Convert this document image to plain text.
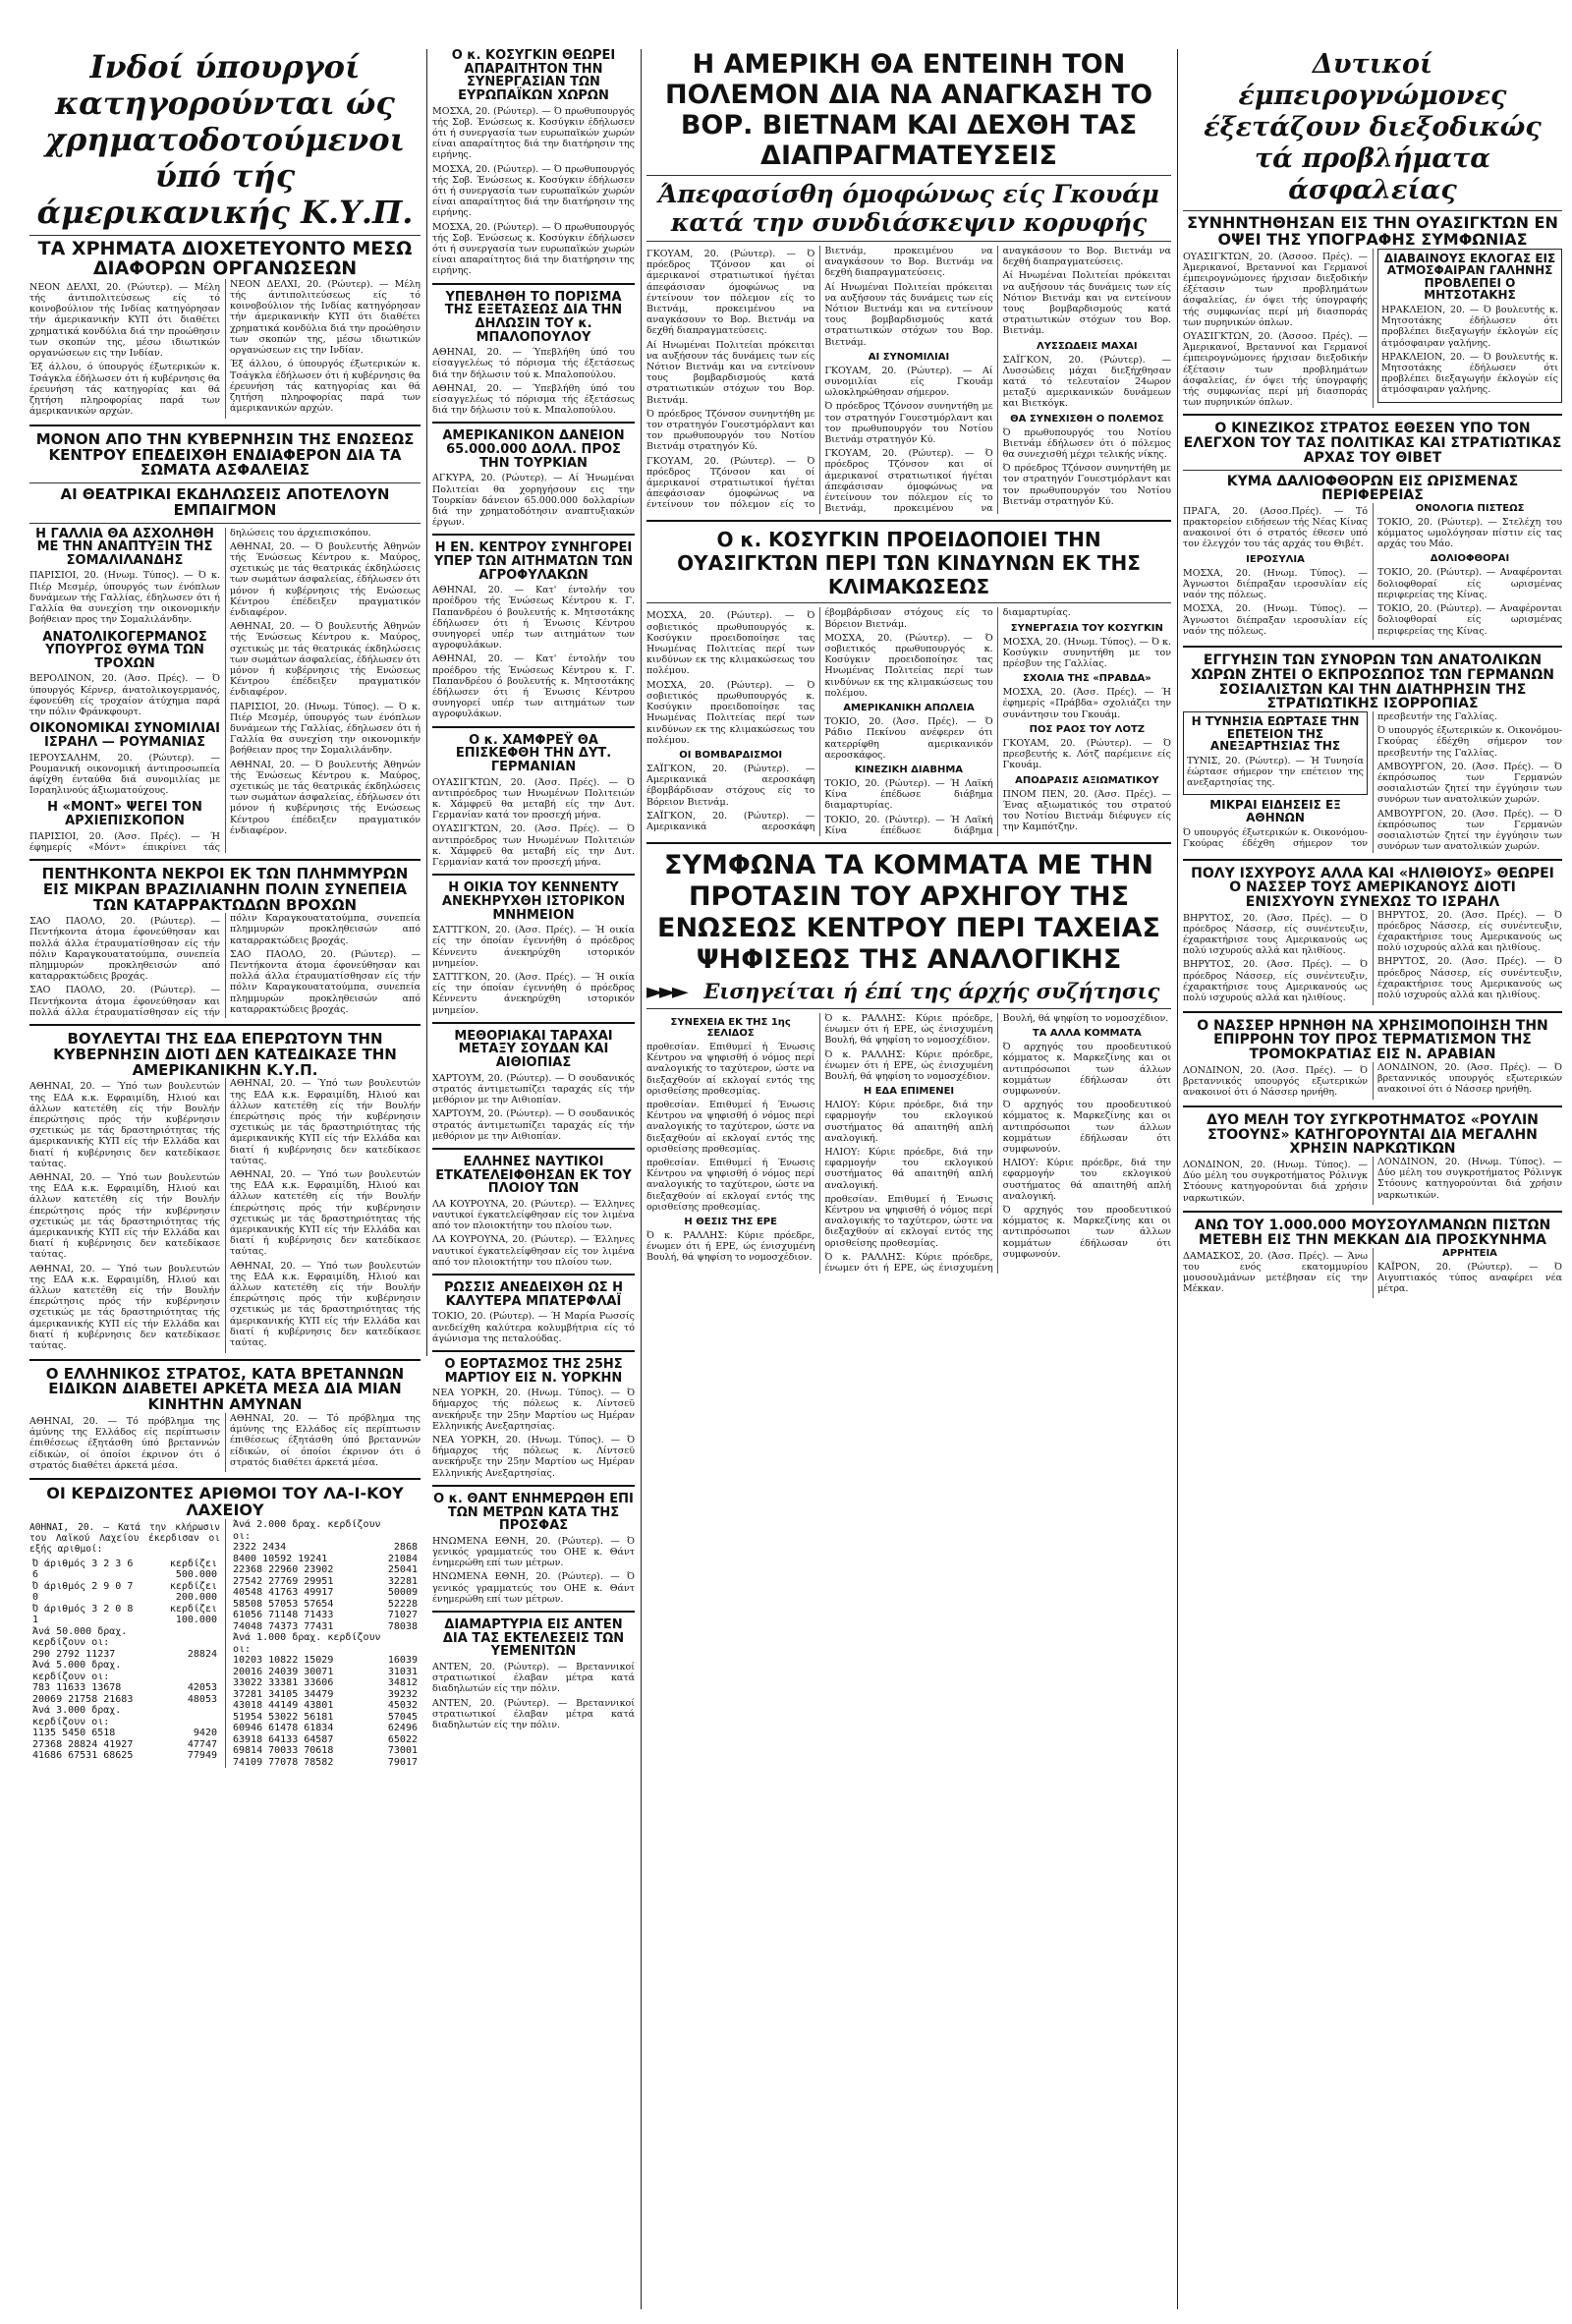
Ινδοί ύπουργοί κατηγορούνται ώς χρηματοδοτούμενοι ύπό τής άμερικανικής Κ.Υ.Π.
ΤΑ ΧΡΗΜΑΤΑ ΔΙΟΧΕΤΕΥΟΝΤΟ ΜΕΣΩ ΔΙΑΦΟΡΩΝ ΟΡΓΑΝΩΣΕΩΝ

ΝΕΟΝ ΔΕΛΧΙ, 20. (Ρώυτερ). — Μέλη τής άντιπολιτεύσεως είς τό κοινοβούλιον τής Ινδίας κατηγόρησαν τήν άμερικανικήν ΚΥΠ ότι διαθέτει χρηματικά κονδύλια διά την προώθησιν των σκοπών της, μέσω ιδιωτικών οργανώσεων εις την Ινδίαν.

Έξ άλλου, ό ύπουργός έξωτερικών κ. Τσάγκλα έδήλωσεν ότι ή κυβέρνησις θα έρευνήση τάς κατηγορίας και θά ζητήση πληροφορίας παρά των άμερικανικών αρχών.

ΝΕΟΝ ΔΕΛΧΙ, 20. (Ρώυτερ). — Μέλη τής άντιπολιτεύσεως είς τό κοινοβούλιον τής Ινδίας κατηγόρησαν τήν άμερικανικήν ΚΥΠ ότι διαθέτει χρηματικά κονδύλια διά την προώθησιν των σκοπών της, μέσω ιδιωτικών οργανώσεων εις την Ινδίαν.

Έξ άλλου, ό ύπουργός έξωτερικών κ. Τσάγκλα έδήλωσεν ότι ή κυβέρνησις θα έρευνήση τάς κατηγορίας και θά ζητήση πληροφορίας παρά των άμερικανικών αρχών.

ΜΟΝΟΝ ΑΠΟ ΤΗΝ ΚΥΒΕΡΝΗΣΙΝ ΤΗΣ ΕΝΩΣΕΩΣ ΚΕΝΤΡΟΥ ΕΠΕΔΕΙΧΘΗ ΕΝΔΙΑΦΕΡΟΝ ΔΙΑ ΤΑ ΣΩΜΑΤΑ ΑΣΦΑΛΕΙΑΣ
ΑΙ ΘΕΑΤΡΙΚΑΙ ΕΚΔΗΛΩΣΕΙΣ ΑΠΟΤΕΛΟΥΝ ΕΜΠΑΙΓΜΟΝ
Η ΓΑΛΛΙΑ ΘΑ ΑΣΧΟΛΗΘΗ ΜΕ ΤΗΝ ΑΝΑΠΤΥΞΙΝ ΤΗΣ ΣΟΜΑΛΙΛΑΝΔΗΣ

ΠΑΡΙΣΙΟΙ, 20. (Ηνωμ. Τύπος). — Ό κ. Πιέρ Μεσμέρ, ύπουργός των ένόπλων δυνάμεων τής Γαλλίας, έδηλωσεν ότι ή Γαλλία θα συνεχίση την οικονομικήν βοήθειαν προς την Σομαλιλάνδην.

ΑΝΑΤΟΛΙΚΟΓΕΡΜΑΝΟΣ ΥΠΟΥΡΓΟΣ ΘΥΜΑ ΤΩΝ ΤΡΟΧΩΝ

ΒΕΡΟΛΙΝΟΝ, 20. (Άσσ. Πρές). — Ό ύπουργός Κέρνερ, άνατολικογερμανός, έφονεύθη είς τροχαίον άτύχημα παρά την πόλιν Φράνκφουρτ.

ΟΙΚΟΝΟΜΙΚΑΙ ΣΥΝΟΜΙΛΙΑΙ ΙΣΡΑΗΛ — ΡΟΥΜΑΝΙΑΣ

ΙΕΡΟΥΣΑΛΗΜ, 20. (Ρώυτερ). — Ρουμανική οικονομική άντιπροσωπεία άφίχθη ένταύθα διά συνομιλίας με Ισραηλινούς άξιωματούχους.

Η «ΜΟΝΤ» ΨΕΓΕΙ ΤΟΝ ΑΡΧΙΕΠΙΣΚΟΠΟΝ

ΠΑΡΙΣΙΟΙ, 20. (Άσσ. Πρές). — Ή έφημερίς «Μόντ» έπικρίνει τάς δηλώσεις του άρχιεπισκόπου.

ΑΘΗΝΑΙ, 20. — Ό βουλευτής Άθηνών τής Ένώσεως Κέντρου κ. Μαύρος, σχετικώς με τάς θεατρικάς έκδηλώσεις των σωμάτων άσφαλείας, έδήλωσεν ότι μόνον ή κυβέρνησις τής Ενώσεως Κέντρου έπέδειξεν πραγματικόν ένδιαφέρον.

ΑΘΗΝΑΙ, 20. — Ό βουλευτής Άθηνών τής Ένώσεως Κέντρου κ. Μαύρος, σχετικώς με τάς θεατρικάς έκδηλώσεις των σωμάτων άσφαλείας, έδήλωσεν ότι μόνον ή κυβέρνησις τής Ενώσεως Κέντρου έπέδειξεν πραγματικόν ένδιαφέρον.

ΠΑΡΙΣΙΟΙ, 20. (Ηνωμ. Τύπος). — Ό κ. Πιέρ Μεσμέρ, ύπουργός των ένόπλων δυνάμεων τής Γαλλίας, έδηλωσεν ότι ή Γαλλία θα συνεχίση την οικονομικήν βοήθειαν προς την Σομαλιλάνδην.

ΑΘΗΝΑΙ, 20. — Ό βουλευτής Άθηνών τής Ένώσεως Κέντρου κ. Μαύρος, σχετικώς με τάς θεατρικάς έκδηλώσεις των σωμάτων άσφαλείας, έδήλωσεν ότι μόνον ή κυβέρνησις τής Ενώσεως Κέντρου έπέδειξεν πραγματικόν ένδιαφέρον.

ΠΕΝΤΗΚΟΝΤΑ ΝΕΚΡΟΙ ΕΚ ΤΩΝ ΠΛΗΜΜΥΡΩΝ ΕΙΣ ΜΙΚΡΑΝ ΒΡΑΖΙΛΙΑΝΗΝ ΠΟΛΙΝ ΣΥΝΕΠΕΙΑ ΤΩΝ ΚΑΤΑΡΡΑΚΤΩΔΩΝ ΒΡΟΧΩΝ

ΣΑΟ ΠΑΟΛΟ, 20. (Ρώυτερ). — Πεντήκοντα άτομα έφονεύθησαν και πολλά άλλα έτραυματίσθησαν είς τήν πόλιν Καραγκουατατούμπα, συνεπεία πλημμυρών προκληθεισών από καταρρακτώδεις βροχάς.

ΣΑΟ ΠΑΟΛΟ, 20. (Ρώυτερ). — Πεντήκοντα άτομα έφονεύθησαν και πολλά άλλα έτραυματίσθησαν είς τήν πόλιν Καραγκουατατούμπα, συνεπεία πλημμυρών προκληθεισών από καταρρακτώδεις βροχάς.

ΣΑΟ ΠΑΟΛΟ, 20. (Ρώυτερ). — Πεντήκοντα άτομα έφονεύθησαν και πολλά άλλα έτραυματίσθησαν είς τήν πόλιν Καραγκουατατούμπα, συνεπεία πλημμυρών προκληθεισών από καταρρακτώδεις βροχάς.

ΒΟΥΛΕΥΤΑΙ ΤΗΣ ΕΔΑ ΕΠΕΡΩΤΟΥΝ ΤΗΝ ΚΥΒΕΡΝΗΣΙΝ ΔΙΟΤΙ ΔΕΝ ΚΑΤΕΔΙΚΑΣΕ ΤΗΝ ΑΜΕΡΙΚΑΝΙΚΗΝ Κ.Υ.Π.

ΑΘΗΝΑΙ, 20. — Ύπό των βουλευτών της ΕΔΑ κ.κ. Εφραιμίδη, Ηλιού και άλλων κατετέθη είς τήν Βουλήν έπερώτησις πρός τήν κυβέρνησιν σχετικώς με τάς δραστηριότητας τής άμερικανικής ΚΥΠ είς τήν Ελλάδα και διατί ή κυβέρνησις δεν κατεδίκασε ταύτας.

ΑΘΗΝΑΙ, 20. — Ύπό των βουλευτών της ΕΔΑ κ.κ. Εφραιμίδη, Ηλιού και άλλων κατετέθη είς τήν Βουλήν έπερώτησις πρός τήν κυβέρνησιν σχετικώς με τάς δραστηριότητας τής άμερικανικής ΚΥΠ είς τήν Ελλάδα και διατί ή κυβέρνησις δεν κατεδίκασε ταύτας.

ΑΘΗΝΑΙ, 20. — Ύπό των βουλευτών της ΕΔΑ κ.κ. Εφραιμίδη, Ηλιού και άλλων κατετέθη είς τήν Βουλήν έπερώτησις πρός τήν κυβέρνησιν σχετικώς με τάς δραστηριότητας τής άμερικανικής ΚΥΠ είς τήν Ελλάδα και διατί ή κυβέρνησις δεν κατεδίκασε ταύτας.

ΑΘΗΝΑΙ, 20. — Ύπό των βουλευτών της ΕΔΑ κ.κ. Εφραιμίδη, Ηλιού και άλλων κατετέθη είς τήν Βουλήν έπερώτησις πρός τήν κυβέρνησιν σχετικώς με τάς δραστηριότητας τής άμερικανικής ΚΥΠ είς τήν Ελλάδα και διατί ή κυβέρνησις δεν κατεδίκασε ταύτας.

ΑΘΗΝΑΙ, 20. — Ύπό των βουλευτών της ΕΔΑ κ.κ. Εφραιμίδη, Ηλιού και άλλων κατετέθη είς τήν Βουλήν έπερώτησις πρός τήν κυβέρνησιν σχετικώς με τάς δραστηριότητας τής άμερικανικής ΚΥΠ είς τήν Ελλάδα και διατί ή κυβέρνησις δεν κατεδίκασε ταύτας.

ΑΘΗΝΑΙ, 20. — Ύπό των βουλευτών της ΕΔΑ κ.κ. Εφραιμίδη, Ηλιού και άλλων κατετέθη είς τήν Βουλήν έπερώτησις πρός τήν κυβέρνησιν σχετικώς με τάς δραστηριότητας τής άμερικανικής ΚΥΠ είς τήν Ελλάδα και διατί ή κυβέρνησις δεν κατεδίκασε ταύτας.

Ο ΕΛΛΗΝΙΚΟΣ ΣΤΡΑΤΟΣ, ΚΑΤΑ ΒΡΕΤΑΝΝΩΝ ΕΙΔΙΚΩΝ ΔΙΑΒΕΤΕΙ ΑΡΚΕΤΑ ΜΕΣΑ ΔΙΑ ΜΙΑΝ ΚΙΝΗΤΗΝ ΑΜΥΝΑΝ

ΑΘΗΝΑΙ, 20. — Τό πρόβλημα της άμύνης της Ελλάδος είς περίπτωσιν έπιθέσεως έξητάσθη ύπό βρεταννών είδικών, οί όποίοι έκρινον ότι ό στρατός διαθέτει άρκετά μέσα.

ΑΘΗΝΑΙ, 20. — Τό πρόβλημα της άμύνης της Ελλάδος είς περίπτωσιν έπιθέσεως έξητάσθη ύπό βρεταννών είδικών, οί όποίοι έκρινον ότι ό στρατός διαθέτει άρκετά μέσα.

ΟΙ ΚΕΡΔΙΖΟΝΤΕΣ ΑΡΙΘΜΟΙ ΤΟΥ ΛΑ-Ι-ΚΟΥ ΛΑΧΕΙΟΥ

ΑΘΗΝΑΙ, 20. — Κατά την κλήρωσιν του Λαϊκού Λαχείου έκερδισαν οι εξής αριθμοί:

Ό άριθμός 3 2 3 6 6	κερδίζει 500.000
Ό άριθμός 2 9 0 7 0	κερδίζει 200.000
Ό άριθμός 3 2 0 8 1	κερδίζει 100.000
Άνά 50.000 δραχ. κερδίζουν οι:	
290 2792 11237	28824
Άνά 5.000 δραχ. κερδίζουν οι:	
783 11633 13678	42053
20069 21758 21683	48053
Άνά 3.000 δραχ. κερδίζουν οι:	
1135 5450 6518	9420
27368 28824 41927	47747
41686 67531 68625	77949
Άνά 2.000 δραχ. κερδίζουν οι:	
2322 2434	2868
8400 10592 19241	21084
22368 22960 23902	25041
27542 27769 29951	32281
40548 41763 49917	50009
58508 57053 57654	52228
61056 71148 71433	71027
74048 74373 77431	78038
Άνά 1.000 δραχ. κερδίζουν οι:	
10203 10822 15029	16039
20016 24039 30071	31031
33022 33381 33606	34812
37281 34105 34479	39232
43018 44149 43801	45032
51954 53022 56181	57045
60946 61478 61834	62496
63918 64133 64587	65022
69814 70033 70618	73001
74109 77078 78582	79017
Ο κ. ΚΟΣΥΓΚΙΝ ΘΕΩΡΕΙ ΑΠΑΡΑΙΤΗΤΟΝ ΤΗΝ ΣΥΝΕΡΓΑΣΙΑΝ ΤΩΝ ΕΥΡΩΠΑΪΚΩΝ ΧΩΡΩΝ

ΜΟΣΧΑ, 20. (Ρώυτερ). — Ό πρωθυπουργός τής Σοβ. Ένώσεως κ. Κοσύγκιν έδήλωσεν ότι ή συνεργασία των ευρωπαϊκών χωρών είναι απαραίτητος διά την διατήρησιν της ειρήνης.

ΜΟΣΧΑ, 20. (Ρώυτερ). — Ό πρωθυπουργός τής Σοβ. Ένώσεως κ. Κοσύγκιν έδήλωσεν ότι ή συνεργασία των ευρωπαϊκών χωρών είναι απαραίτητος διά την διατήρησιν της ειρήνης.

ΜΟΣΧΑ, 20. (Ρώυτερ). — Ό πρωθυπουργός τής Σοβ. Ένώσεως κ. Κοσύγκιν έδήλωσεν ότι ή συνεργασία των ευρωπαϊκών χωρών είναι απαραίτητος διά την διατήρησιν της ειρήνης.

ΥΠΕΒΛΗΘΗ ΤΟ ΠΟΡΙΣΜΑ ΤΗΣ ΕΞΕΤΑΣΕΩΣ ΔΙΑ ΤΗΝ ΔΗΛΩΣΙΝ ΤΟΥ κ. ΜΠΑΛΟΠΟΥΛΟΥ

ΑΘΗΝΑΙ, 20. — Ύπεβλήθη ύπό του είσαγγελέως τό πόρισμα τής έξετάσεως διά την δήλωσιν τού κ. Μπαλοπούλου.

ΑΘΗΝΑΙ, 20. — Ύπεβλήθη ύπό του είσαγγελέως τό πόρισμα τής έξετάσεως διά την δήλωσιν τού κ. Μπαλοπούλου.

ΑΜΕΡΙΚΑΝΙΚΟΝ ΔΑΝΕΙΟΝ 65.000.000 ΔΟΛΛ. ΠΡΟΣ ΤΗΝ ΤΟΥΡΚΙΑΝ

ΑΓΚΥΡΑ, 20. (Ρώυτερ). — Αί Ήνωμέναι Πολιτείαι θα χορηγήσουν εις την Τουρκίαν δάνειον 65.000.000 δολλαρίων διά την χρηματοδότησιν αναπτυξιακών έργων.

Η ΕΝ. ΚΕΝΤΡΟΥ ΣΥΝΗΓΟΡΕΙ ΥΠΕΡ ΤΩΝ ΑΙΤΗΜΑΤΩΝ ΤΩΝ ΑΓΡΟΦΥΛΑΚΩΝ

ΑΘΗΝΑΙ, 20. — Κατ' έντολήν του προέδρου τής Ένώσεως Κέντρου κ. Γ. Παπανδρέου ό βουλευτής κ. Μητσοτάκης έδήλωσεν ότι ή Ένωσις Κέντρου συνηγορεί υπέρ των αιτημάτων των αγροφυλάκων.

ΑΘΗΝΑΙ, 20. — Κατ' έντολήν του προέδρου τής Ένώσεως Κέντρου κ. Γ. Παπανδρέου ό βουλευτής κ. Μητσοτάκης έδήλωσεν ότι ή Ένωσις Κέντρου συνηγορεί υπέρ των αιτημάτων των αγροφυλάκων.

Ο κ. ΧΑΜΦΡΕΫ ΘΑ ΕΠΙΣΚΕΦΘΗ ΤΗΝ ΔΥΤ. ΓΕΡΜΑΝΙΑΝ

ΟΥΑΣΙΓΚΤΩΝ, 20. (Άσσ. Πρές). — Ό αντιπρόεδρος των Ηνωμένων Πολιτειών κ. Χάμφρεϋ θα μεταβή είς την Δυτ. Γερμανίαν κατά τον προσεχή μήνα.

ΟΥΑΣΙΓΚΤΩΝ, 20. (Άσσ. Πρές). — Ό αντιπρόεδρος των Ηνωμένων Πολιτειών κ. Χάμφρεϋ θα μεταβή είς την Δυτ. Γερμανίαν κατά τον προσεχή μήνα.

Η ΟΙΚΙΑ ΤΟΥ ΚΕΝΝΕΝΤΥ ΑΝΕΚΗΡΥΧΘΗ ΙΣΤΟΡΙΚΟΝ ΜΝΗΜΕΙΟΝ

ΣΑΤΤΓΚΟΝ, 20. (Άσσ. Πρές). — Ή οικία είς την όποίαν έγεννήθη ό πρόεδρος Κέννεντυ άνεκηρύχθη ιστορικόν μνημείον.

ΣΑΤΤΓΚΟΝ, 20. (Άσσ. Πρές). — Ή οικία είς την όποίαν έγεννήθη ό πρόεδρος Κέννεντυ άνεκηρύχθη ιστορικόν μνημείον.

ΜΕΘΟΡΙΑΚΑΙ ΤΑΡΑΧΑΙ ΜΕΤΑΞΥ ΣΟΥΔΑΝ ΚΑΙ ΑΙΘΙΟΠΙΑΣ

ΧΑΡΤΟΥΜ, 20. (Ρώυτερ). — Ό σουδανικός στρατός άντιμετωπίζει ταραχάς είς τήν μεθόριον με την Αιθιοπίαν.

ΧΑΡΤΟΥΜ, 20. (Ρώυτερ). — Ό σουδανικός στρατός άντιμετωπίζει ταραχάς είς τήν μεθόριον με την Αιθιοπίαν.

ΕΛΛΗΝΕΣ ΝΑΥΤΙΚΟΙ ΕΤΚΑΤΕΛΕΙΦΘΗΣΑΝ ΕΚ ΤΟΥ ΠΛΟΙΟΥ ΤΩΝ

ΛΑ ΚΟΥΡΟΥΝΑ, 20. (Ρώυτερ). — Έλληνες ναυτικοί έγκατελείφθησαν είς τον λιμένα από τον πλοιοκτήτην του πλοίου των.

ΛΑ ΚΟΥΡΟΥΝΑ, 20. (Ρώυτερ). — Έλληνες ναυτικοί έγκατελείφθησαν είς τον λιμένα από τον πλοιοκτήτην του πλοίου των.

ΡΩΣΣΙΣ ΑΝΕΔΕΙΧΘΗ ΩΣ Η ΚΑΛΥΤΕΡΑ ΜΠΑΤΕΡΦΛΑΪ

ΤΟΚΙΟ, 20. (Ρώυτερ). — Ή Μαρία Ρωσσίς ανεδείχθη καλύτερα κολυμβήτρια είς τό άγώνισμα της πεταλούδας.

Ο ΕΟΡΤΑΣΜΟΣ ΤΗΣ 25ΗΣ ΜΑΡΤΙΟΥ ΕΙΣ Ν. ΥΟΡΚΗΝ

ΝΕΑ ΥΟΡΚΗ, 20. (Ηνωμ. Τύπος). — Ό δήμαρχος τής πόλεως κ. Λίντσεϋ ανεκήρυξε την 25ην Μαρτίου ως Ημέραν Ελληνικής Ανεξαρτησίας.

ΝΕΑ ΥΟΡΚΗ, 20. (Ηνωμ. Τύπος). — Ό δήμαρχος τής πόλεως κ. Λίντσεϋ ανεκήρυξε την 25ην Μαρτίου ως Ημέραν Ελληνικής Ανεξαρτησίας.

Ο κ. ΘΑΝΤ ΕΝΗΜΕΡΩΘΗ ΕΠΙ ΤΩΝ ΜΕΤΡΩΝ ΚΑΤΑ ΤΗΣ ΠΡΟΣΦΑΣ

ΗΝΩΜΕΝΑ ΕΘΝΗ, 20. (Ρώυτερ). — Ό γενικός γραμματεύς του ΟΗΕ κ. Θάντ ένημερώθη επί των μέτρων.

ΗΝΩΜΕΝΑ ΕΘΝΗ, 20. (Ρώυτερ). — Ό γενικός γραμματεύς του ΟΗΕ κ. Θάντ ένημερώθη επί των μέτρων.

ΔΙΑΜΑΡΤΥΡΙΑ ΕΙΣ ΑΝΤΕΝ ΔΙΑ ΤΑΣ ΕΚΤΕΛΕΣΕΙΣ ΤΩΝ ΥΕΜΕΝΙΤΩΝ

ΑΝΤΕΝ, 20. (Ρώυτερ). — Βρεταννικοί στρατιωτικοί έλαβαν μέτρα κατά διαδηλωτών είς την πόλιν.

ΑΝΤΕΝ, 20. (Ρώυτερ). — Βρεταννικοί στρατιωτικοί έλαβαν μέτρα κατά διαδηλωτών είς την πόλιν.

Η ΑΜΕΡΙΚΗ ΘΑ ΕΝΤΕΙΝΗ ΤΟΝ ΠΟΛΕΜΟΝ ΔΙΑ ΝΑ ΑΝΑΓΚΑΣΗ ΤΟ ΒΟΡ. ΒΙΕΤΝΑΜ ΚΑΙ ΔΕΧΘΗ ΤΑΣ ΔΙΑΠΡΑΓΜΑΤΕΥΣΕΙΣ
Άπεφασίσθη όμοφώνως είς Γκουάμ κατά την συνδιάσκεψιν κορυφής

ΓΚΟΥΑΜ, 20. (Ρώυτερ). — Ό πρόεδρος Τζόνσον και οί άμερικανοί στρατιωτικοί ήγέται άπεφάσισαν όμοφώνως να έντείνουν τον πόλεμον είς το Βιετνάμ, προκειμένου να αναγκάσουν το Βορ. Βιετνάμ να δεχθή διαπραγματεύσεις.

Αί Ηνωμέναι Πολιτείαι πρόκειται να αυξήσουν τάς δυνάμεις των είς Νότιον Βιετνάμ και να εντείνουν τους βομβαρδισμούς κατά στρατιωτικών στόχων του Βορ. Βιετνάμ.

Ό πρόεδρος Τζόνσον συνηντήθη με τον στρατηγόν Γουεστμόρλαντ και τον πρωθυπουργόν του Νοτίου Βιετνάμ στρατηγόν Κύ.

ΓΚΟΥΑΜ, 20. (Ρώυτερ). — Ό πρόεδρος Τζόνσον και οί άμερικανοί στρατιωτικοί ήγέται άπεφάσισαν όμοφώνως να έντείνουν τον πόλεμον είς το Βιετνάμ, προκειμένου να αναγκάσουν το Βορ. Βιετνάμ να δεχθή διαπραγματεύσεις.

Αί Ηνωμέναι Πολιτείαι πρόκειται να αυξήσουν τάς δυνάμεις των είς Νότιον Βιετνάμ και να εντείνουν τους βομβαρδισμούς κατά στρατιωτικών στόχων του Βορ. Βιετνάμ.

ΑΙ ΣΥΝΟΜΙΛΙΑΙ

ΓΚΟΥΑΜ, 20. (Ρώυτερ). — Αί συνομιλίαι είς Γκουάμ ωλοκληρώθησαν σήμερον.

Ό πρόεδρος Τζόνσον συνηντήθη με τον στρατηγόν Γουεστμόρλαντ και τον πρωθυπουργόν του Νοτίου Βιετνάμ στρατηγόν Κύ.

ΓΚΟΥΑΜ, 20. (Ρώυτερ). — Ό πρόεδρος Τζόνσον και οί άμερικανοί στρατιωτικοί ήγέται άπεφάσισαν όμοφώνως να έντείνουν τον πόλεμον είς το Βιετνάμ, προκειμένου να αναγκάσουν το Βορ. Βιετνάμ να δεχθή διαπραγματεύσεις.

Αί Ηνωμέναι Πολιτείαι πρόκειται να αυξήσουν τάς δυνάμεις των είς Νότιον Βιετνάμ και να εντείνουν τους βομβαρδισμούς κατά στρατιωτικών στόχων του Βορ. Βιετνάμ.

ΛΥΣΣΩΔΕΙΣ ΜΑΧΑΙ

ΣΑΪΓΚΟΝ, 20. (Ρώυτερ). — Λυσσώδεις μάχαι διεξήχθησαν κατά τό τελευταίον 24ωρον μεταξύ αμερικανικών δυνάμεων και Βιετκόγκ.

ΘΑ ΣΥΝΕΧΙΣΘΗ Ο ΠΟΛΕΜΟΣ

Ό πρωθυπουργός του Νοτίου Βιετνάμ έδήλωσεν ότι ό πόλεμος θα συνεχισθή μέχρι τελικής νίκης.

Ό πρόεδρος Τζόνσον συνηντήθη με τον στρατηγόν Γουεστμόρλαντ και τον πρωθυπουργόν του Νοτίου Βιετνάμ στρατηγόν Κύ.

Ο κ. ΚΟΣΥΓΚΙΝ ΠΡΟΕΙΔΟΠΟΙΕΙ ΤΗΝ ΟΥΑΣΙΓΚΤΩΝ ΠΕΡΙ ΤΩΝ ΚΙΝΔΥΝΩΝ ΕΚ ΤΗΣ ΚΛΙΜΑΚΩΣΕΩΣ

ΜΟΣΧΑ, 20. (Ρώυτερ). — Ό σοβιετικός πρωθυπουργός κ. Κοσύγκιν προειδοποίησε τας Ηνωμένας Πολιτείας περί των κινδύνων εκ της κλιμακώσεως του πολέμου.

ΜΟΣΧΑ, 20. (Ρώυτερ). — Ό σοβιετικός πρωθυπουργός κ. Κοσύγκιν προειδοποίησε τας Ηνωμένας Πολιτείας περί των κινδύνων εκ της κλιμακώσεως του πολέμου.

ΟΙ ΒΟΜΒΑΡΔΙΣΜΟΙ

ΣΑΪΓΚΟΝ, 20. (Ρώυτερ). — Αμερικανικά αεροσκάφη έβομβάρδισαν στόχους είς το Βόρειον Βιετνάμ.

ΣΑΪΓΚΟΝ, 20. (Ρώυτερ). — Αμερικανικά αεροσκάφη έβομβάρδισαν στόχους είς το Βόρειον Βιετνάμ.

ΜΟΣΧΑ, 20. (Ρώυτερ). — Ό σοβιετικός πρωθυπουργός κ. Κοσύγκιν προειδοποίησε τας Ηνωμένας Πολιτείας περί των κινδύνων εκ της κλιμακώσεως του πολέμου.

ΑΜΕΡΙΚΑΝΙΚΗ ΑΠΩΛΕΙΑ

ΤΟΚΙΟ, 20. (Άσσ. Πρές). — Ό Ράδιο Πεκίνου ανέφερεν ότι κατερρίφθη αμερικανικόν αεροσκάφος.

ΚΙΝΕΖΙΚΗ ΔΙΑΒΗΜΑ

ΤΟΚΙΟ, 20. (Ρώυτερ). — Ή Λαϊκή Κίνα έπέδωσε διάβημα διαμαρτυρίας.

ΤΟΚΙΟ, 20. (Ρώυτερ). — Ή Λαϊκή Κίνα έπέδωσε διάβημα διαμαρτυρίας.

ΣΥΝΕΡΓΑΣΙΑ ΤΟΥ ΚΟΣΥΓΚΙΝ

ΜΟΣΧΑ, 20. (Ηνωμ. Τύπος). — Ό κ. Κοσύγκιν συνηντήθη με τον πρέσβυν της Γαλλίας.

ΣΧΟΛΙΑ ΤΗΣ «ΠΡΑΒΔΑ»

ΜΟΣΧΑ, 20. (Άσσ. Πρές). — Ή έφημερίς «Πράβδα» σχολιάζει την συνάντησιν του Γκουάμ.

ΠΟΣ ΡΑΟΣ ΤΟΥ ΛΟΤΖ

ΓΚΟΥΑΜ, 20. (Ρώυτερ). — Ό πρεσβευτής κ. Λότζ παρέμεινε είς Γκουάμ.

ΑΠΟΔΡΑΣΙΣ ΑΞΙΩΜΑΤΙΚΟΥ

ΠΝΟΜ ΠΕΝ, 20. (Άσσ. Πρές). — Ένας αξιωματικός του στρατού του Νοτίου Βιετνάμ διέφυγεν είς την Καμπότζην.

ΣΥΜΦΩΝΑ ΤΑ ΚΟΜΜΑΤΑ ΜΕ ΤΗΝ ΠΡΟΤΑΣΙΝ ΤΟΥ ΑΡΧΗΓΟΥ ΤΗΣ ΕΝΩΣΕΩΣ ΚΕΝΤΡΟΥ ΠΕΡΙ ΤΑΧΕΙΑΣ ΨΗΦΙΣΕΩΣ ΤΗΣ ΑΝΑΛΟΓΙΚΗΣ
►►► Εισηγείται ή έπί της άρχής συζήτησις
ΣΥΝΕΧΕΙΑ ΕΚ ΤΗΣ 1ης ΣΕΛΙΔΟΣ

προθεσίαν. Επιθυμεί ή Ένωσις Κέντρου να ψηφισθή ό νόμος περί αναλογικής το ταχύτερον, ώστε να διεξαχθούν αί εκλογαί εντός της ορισθείσης προθεσμίας.

προθεσίαν. Επιθυμεί ή Ένωσις Κέντρου να ψηφισθή ό νόμος περί αναλογικής το ταχύτερον, ώστε να διεξαχθούν αί εκλογαί εντός της ορισθείσης προθεσμίας.

προθεσίαν. Επιθυμεί ή Ένωσις Κέντρου να ψηφισθή ό νόμος περί αναλογικής το ταχύτερον, ώστε να διεξαχθούν αί εκλογαί εντός της ορισθείσης προθεσμίας.

Η ΘΕΣΙΣ ΤΗΣ ΕΡΕ

Ό κ. ΡΑΛΛΗΣ: Κύριε πρόεδρε, ένωμεν ότι ή ΕΡΕ, ώς ένισχυμένη Βουλή, θά ψηφίση το νομοσχέδιον.

Ό κ. ΡΑΛΛΗΣ: Κύριε πρόεδρε, ένωμεν ότι ή ΕΡΕ, ώς ένισχυμένη Βουλή, θά ψηφίση το νομοσχέδιον.

Ό κ. ΡΑΛΛΗΣ: Κύριε πρόεδρε, ένωμεν ότι ή ΕΡΕ, ώς ένισχυμένη Βουλή, θά ψηφίση το νομοσχέδιον.

Η ΕΔΑ ΕΠΙΜΕΝΕΙ

ΗΛΙΟΥ: Κύριε πρόεδρε, διά την εφαρμογήν του εκλογικού συστήματος θά απαιτηθή απλή αναλογική.

ΗΛΙΟΥ: Κύριε πρόεδρε, διά την εφαρμογήν του εκλογικού συστήματος θά απαιτηθή απλή αναλογική.

προθεσίαν. Επιθυμεί ή Ένωσις Κέντρου να ψηφισθή ό νόμος περί αναλογικής το ταχύτερον, ώστε να διεξαχθούν αί εκλογαί εντός της ορισθείσης προθεσμίας.

Ό κ. ΡΑΛΛΗΣ: Κύριε πρόεδρε, ένωμεν ότι ή ΕΡΕ, ώς ένισχυμένη Βουλή, θά ψηφίση το νομοσχέδιον.

ΤΑ ΑΛΛΑ ΚΟΜΜΑΤΑ

Ό αρχηγός του προοδευτικού κόμματος κ. Μαρκεζίνης και οι αντιπρόσωποι των άλλων κομμάτων έδήλωσαν ότι συμφωνούν.

Ό αρχηγός του προοδευτικού κόμματος κ. Μαρκεζίνης και οι αντιπρόσωποι των άλλων κομμάτων έδήλωσαν ότι συμφωνούν.

ΗΛΙΟΥ: Κύριε πρόεδρε, διά την εφαρμογήν του εκλογικού συστήματος θά απαιτηθή απλή αναλογική.

Ό αρχηγός του προοδευτικού κόμματος κ. Μαρκεζίνης και οι αντιπρόσωποι των άλλων κομμάτων έδήλωσαν ότι συμφωνούν.

Δυτικοί έμπειρογνώμονες έξετάζουν διεξοδικώς τά προβλήματα άσφαλείας
ΣΥΝΗΝΤΗΘΗΣΑΝ ΕΙΣ ΤΗΝ ΟΥΑΣΙΓΚΤΩΝ ΕΝ ΟΨΕΙ ΤΗΣ ΥΠΟΓΡΑΦΗΣ ΣΥΜΦΩΝΙΑΣ

ΟΥΑΣΙΓΚΤΩΝ, 20. (Άσσοσ. Πρές). — Άμερικανοί, Βρεταννοί και Γερμανοί έμπειρογνώμονες ήρχισαν διεξοδικήν έξέτασιν των προβλημάτων άσφαλείας, έν όψει τής ύπογραφής τής συμφωνίας περί μή διασποράς των πυρηνικών όπλων.

ΟΥΑΣΙΓΚΤΩΝ, 20. (Άσσοσ. Πρές). — Άμερικανοί, Βρεταννοί και Γερμανοί έμπειρογνώμονες ήρχισαν διεξοδικήν έξέτασιν των προβλημάτων άσφαλείας, έν όψει τής ύπογραφής τής συμφωνίας περί μή διασποράς των πυρηνικών όπλων.

ΔΙΑΒΑΙΝΟΥΣ ΕΚΛΟΓΑΣ ΕΙΣ ΑΤΜΟΣΦΑΙΡΑΝ ΓΑΛΗΝΗΣ ΠΡΟΒΛΕΠΕΙ Ο ΜΗΤΣΟΤΑΚΗΣ

ΗΡΑΚΛΕΙΟΝ, 20. — Ό βουλευτής κ. Μητσοτάκης έδήλωσεν ότι προβλέπει διεξαγωγήν έκλογών είς άτμόσφαιραν γαλήνης.

ΗΡΑΚΛΕΙΟΝ, 20. — Ό βουλευτής κ. Μητσοτάκης έδήλωσεν ότι προβλέπει διεξαγωγήν έκλογών είς άτμόσφαιραν γαλήνης.

Ο ΚΙΝΕΖΙΚΟΣ ΣΤΡΑΤΟΣ ΕΘΕΣΕΝ ΥΠΟ ΤΟΝ ΕΛΕΓΧΟΝ ΤΟΥ ΤΑΣ ΠΟΛΙΤΙΚΑΣ ΚΑΙ ΣΤΡΑΤΙΩΤΙΚΑΣ ΑΡΧΑΣ ΤΟΥ ΘΙΒΕΤ
ΚΥΜΑ ΔΑΛΙΟΦΘΟΡΩΝ ΕΙΣ ΩΡΙΣΜΕΝΑΣ ΠΕΡΙΦΕΡΕΙΑΣ

ΠΡΑΓΑ, 20. (Ασοσ.Πρές). — Τό πρακτορείον ειδήσεων τής Νέας Κίνας ανακοινοί ότι ό στρατός έθεσεν υπό τον έλεγχόν του τάς αρχάς του Θιβέτ.

ΙΕΡΟΣΥΛΙΑ

ΜΟΣΧΑ, 20. (Ηνωμ. Τύπος). — Άγνωστοι διέπραξαν ιεροσυλίαν είς ναόν της πόλεως.

ΜΟΣΧΑ, 20. (Ηνωμ. Τύπος). — Άγνωστοι διέπραξαν ιεροσυλίαν είς ναόν της πόλεως.

ΟΝΟΛΟΓΙΑ ΠΙΣΤΕΩΣ

ΤΟΚΙΟ, 20. (Ρώυτερ). — Στελέχη του κόμματος ωμολόγησαν πίστιν είς τας αρχάς του Μάο.

ΔΟΛΙΟΦΘΟΡΑΙ

ΤΟΚΙΟ, 20. (Ρώυτερ). — Αναφέρονται δολιοφθοραί είς ωρισμένας περιφερείας της Κίνας.

ΤΟΚΙΟ, 20. (Ρώυτερ). — Αναφέρονται δολιοφθοραί είς ωρισμένας περιφερείας της Κίνας.

ΕΓΓΥΗΣΙΝ ΤΩΝ ΣΥΝΟΡΩΝ ΤΩΝ ΑΝΑΤΟΛΙΚΩΝ ΧΩΡΩΝ ΖΗΤΕΙ Ο ΕΚΠΡΟΣΩΠΟΣ ΤΩΝ ΓΕΡΜΑΝΩΝ ΣΟΣΙΑΛΙΣΤΩΝ ΚΑΙ ΤΗΝ ΔΙΑΤΗΡΗΣΙΝ ΤΗΣ ΣΤΡΑΤΙΩΤΙΚΗΣ ΙΣΟΡΡΟΠΙΑΣ
Η ΤΥΝΗΣΙΑ ΕΩΡΤΑΣΕ ΤΗΝ ΕΠΕΤΕΙΟΝ ΤΗΣ ΑΝΕΞΑΡΤΗΣΙΑΣ ΤΗΣ

ΤΥΝΙΣ, 20. (Ρώυτερ). — Ή Τυνησία έώρτασε σήμερον την επέτειον της ανεξαρτησίας της.

ΜΙΚΡΑΙ ΕΙΔΗΣΕΙΣ ΕΞ ΑΘΗΝΩΝ

Ό υπουργός έξωτερικών κ. Οικονόμου-Γκούρας έδέχθη σήμερον τον πρεσβευτήν της Γαλλίας.

Ό υπουργός έξωτερικών κ. Οικονόμου-Γκούρας έδέχθη σήμερον τον πρεσβευτήν της Γαλλίας.

ΑΜΒΟΥΡΓΟΝ, 20. (Άσσ. Πρές). — Ό έκπρόσωπος των Γερμανών σοσιαλιστών ζητεί την έγγύησιν των συνόρων των ανατολικών χωρών.

ΑΜΒΟΥΡΓΟΝ, 20. (Άσσ. Πρές). — Ό έκπρόσωπος των Γερμανών σοσιαλιστών ζητεί την έγγύησιν των συνόρων των ανατολικών χωρών.

ΠΟΛΥ ΙΣΧΥΡΟΥΣ ΑΛΛΑ ΚΑΙ «ΗΛΙΘΙΟΥΣ» ΘΕΩΡΕΙ Ο ΝΑΣΣΕΡ ΤΟΥΣ ΑΜΕΡΙΚΑΝΟΥΣ ΔΙΟΤΙ ΕΝΙΣΧΥΟΥΝ ΣΥΝΕΧΩΣ ΤΟ ΙΣΡΑΗΛ

ΒΗΡΥΤΟΣ, 20. (Άσσ. Πρές). — Ό πρόεδρος Νάσσερ, είς συνέντευξιν, έχαρακτήρισε τους Αμερικανούς ως πολύ ισχυρούς αλλά και ηλιθίους.

ΒΗΡΥΤΟΣ, 20. (Άσσ. Πρές). — Ό πρόεδρος Νάσσερ, είς συνέντευξιν, έχαρακτήρισε τους Αμερικανούς ως πολύ ισχυρούς αλλά και ηλιθίους.

ΒΗΡΥΤΟΣ, 20. (Άσσ. Πρές). — Ό πρόεδρος Νάσσερ, είς συνέντευξιν, έχαρακτήρισε τους Αμερικανούς ως πολύ ισχυρούς αλλά και ηλιθίους.

ΒΗΡΥΤΟΣ, 20. (Άσσ. Πρές). — Ό πρόεδρος Νάσσερ, είς συνέντευξιν, έχαρακτήρισε τους Αμερικανούς ως πολύ ισχυρούς αλλά και ηλιθίους.

Ο ΝΑΣΣΕΡ ΗΡΝΗΘΗ ΝΑ ΧΡΗΣΙΜΟΠΟΙΗΣΗ ΤΗΝ ΕΠΙΡΡΟΗΝ ΤΟΥ ΠΡΟΣ ΤΕΡΜΑΤΙΣΜΟΝ ΤΗΣ ΤΡΟΜΟΚΡΑΤΙΑΣ ΕΙΣ Ν. ΑΡΑΒΙΑΝ

ΛΟΝΔΙΝΟΝ, 20. (Άσσ. Πρές). — Ό βρεταννικός υπουργός εξωτερικών ανακοινοί ότι ό Νάσσερ ηρνήθη.

ΛΟΝΔΙΝΟΝ, 20. (Άσσ. Πρές). — Ό βρεταννικός υπουργός εξωτερικών ανακοινοί ότι ό Νάσσερ ηρνήθη.

ΔΥΟ ΜΕΛΗ ΤΟΥ ΣΥΓΚΡΟΤΗΜΑΤΟΣ «ΡΟΥΛΙΝ ΣΤΟΟΥΝΣ» ΚΑΤΗΓΟΡΟΥΝΤΑΙ ΔΙΑ ΜΕΓΑΛΗΝ ΧΡΗΣΙΝ ΝΑΡΚΩΤΙΚΩΝ

ΛΟΝΔΙΝΟΝ, 20. (Ηνωμ. Τύπος). — Δύο μέλη του συγκροτήματος Ρόλινγκ Στόουνς κατηγορούνται διά χρήσιν ναρκωτικών.

ΛΟΝΔΙΝΟΝ, 20. (Ηνωμ. Τύπος). — Δύο μέλη του συγκροτήματος Ρόλινγκ Στόουνς κατηγορούνται διά χρήσιν ναρκωτικών.

ΑΝΩ ΤΟΥ 1.000.000 ΜΟΥΣΟΥΛΜΑΝΩΝ ΠΙΣΤΩΝ ΜΕΤΕΒΗ ΕΙΣ ΤΗΝ ΜΕΚΚΑΝ ΔΙΑ ΠΡΟΣΚΥΝΗΜΑ

ΔΑΜΑΣΚΟΣ, 20. (Άσσ. Πρές). — Άνω του ενός εκατομμυρίου μουσουλμάνων μετέβησαν είς την Μέκκαν.

ΑΡΡΗΤΕΙΑ

ΚΑΪΡΟΝ, 20. (Ρώυτερ). — Ό Αιγυπτιακός τύπος αναφέρει νέα μέτρα.
